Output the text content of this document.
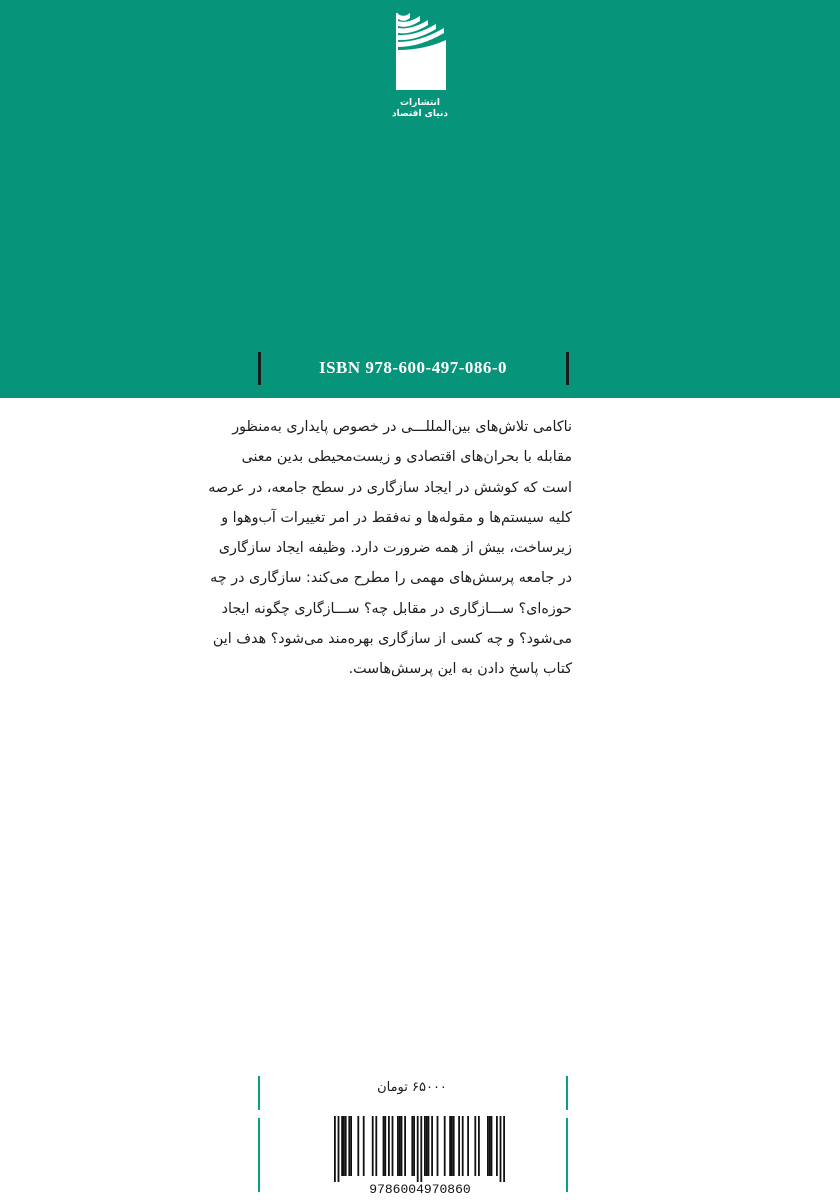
انتشارات
دنیای اقتصاد
ISBN 978-600-497-086-0
ناکامی تلاش‌های بین‌المللـــی در خصوص پایداری به‌منظور
مقابله با بحران‌های اقتصادی و زیست‌محیطی بدین معنی
است که کوشش در ایجاد سازگاری در سطح جامعه، در عرصه
کلیه سیستم‌ها و مقوله‌ها و نه‌فقط در امر تغییرات آب‌وهوا و
زیرساخت، بیش از همه ضرورت دارد. وظیفه ایجاد سازگاری
در جامعه پرسش‌های مهمی را مطرح می‌کند: سازگاری در چه
حوزه‌ای؟ ســـازگاری در مقابل چه؟ ســـازگاری چگونه ایجاد
می‌شود؟ و چه کسی از سازگاری بهره‌مند می‌شود؟ هدف این
کتاب پاسخ دادن به این پرسش‌هاست.
۶۵۰۰۰ تومان
9786004970860
